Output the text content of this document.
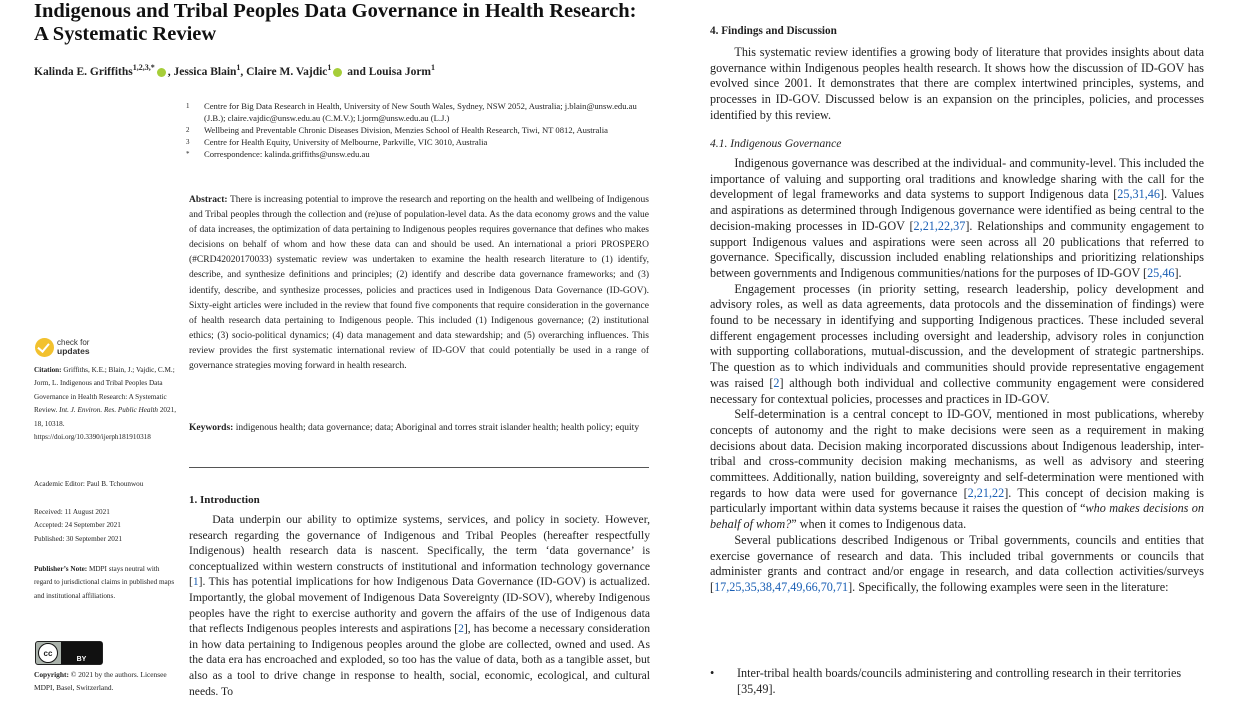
Indigenous and Tribal Peoples Data Governance in Health Research: A Systematic Review
Kalinda E. Griffiths$^{1,2,3,*}$ , Jessica Blain$^1$, Claire M. Vajdic$^1$ and Louisa Jorm$^1$
1	Centre for Big Data Research in Health, University of New South Wales, Sydney, NSW 2052, Australia; j.blain@unsw.edu.au (J.B.); claire.vajdic@unsw.edu.au (C.M.V.); l.jorm@unsw.edu.au (L.J.)
2	Wellbeing and Preventable Chronic Diseases Division, Menzies School of Health Research, Tiwi, NT 0812, Australia
3	Centre for Health Equity, University of Melbourne, Parkville, VIC 3010, Australia
*	Correspondence: kalinda.griffiths@unsw.edu.au
Abstract: There is increasing potential to improve the research and reporting on the health and wellbeing of Indigenous and Tribal peoples through the collection and (re)use of population-level data. As the data economy grows and the value of data increases, the optimization of data pertaining to Indigenous peoples requires governance that defines who makes decisions on behalf of whom and how these data can and should be used. An international a priori PROSPERO (#CRD42020170033) systematic review was undertaken to examine the health research literature to (1) identify, describe, and synthesize definitions and principles; (2) identify and describe data governance frameworks; and (3) identify, describe, and synthesize processes, policies and practices used in Indigenous Data Governance (ID-GOV). Sixty-eight articles were included in the review that found five components that require consideration in the governance of health research data pertaining to Indigenous people. This included (1) Indigenous governance; (2) institutional ethics; (3) socio-political dynamics; (4) data management and data stewardship; and (5) overarching influences. This review provides the first systematic international review of ID-GOV that could potentially be used in a range of governance strategies moving forward in health research.
Keywords: indigenous health; data governance; data; Aboriginal and torres strait islander health; health policy; equity
1. Introduction
  Data underpin our ability to optimize systems, services, and policy in society. However, research regarding the governance of Indigenous and Tribal Peoples (hereafter respectfully Indigenous) health research data is nascent. Specifically, the term ‘data governance’ is conceptualized within western constructs of institutional and information technology governance [1]. This has potential implications for how Indigenous Data Governance (ID-GOV) is actualized. Importantly, the global movement of Indigenous Data Sovereignty (ID-SOV), whereby Indigenous peoples have the right to exercise authority and govern the affairs of the use of Indigenous data that reflects Indigenous peoples interests and aspirations [2], has become a necessary consideration in how data pertaining to Indigenous peoples around the globe are collected, owned and used. As the data era has encroached and exploded, so too has the value of data, both as a tangible asset, but also as a tool to drive change in response to health, social, economic, ecological, and cultural needs. To
check for
updates
Citation: Griffiths, K.E.; Blain, J.; Vajdic, C.M.; Jorm, L. Indigenous and Tribal Peoples Data Governance in Health Research: A Systematic Review. Int. J. Environ. Res. Public Health 2021, 18, 10318. https://doi.org/10.3390/ijerph181910318
Academic Editor: Paul B. Tchounwou
Received: 11 August 2021
Accepted: 24 September 2021
Published: 30 September 2021
Publisher’s Note: MDPI stays neutral with regard to jurisdictional claims in published maps and institutional affiliations.
cc
BY
Copyright: © 2021 by the authors. Licensee MDPI, Basel, Switzerland.
4. Findings and Discussion
  This systematic review identifies a growing body of literature that provides insights about data governance within Indigenous peoples health research. It shows how the discussion of ID-GOV has evolved since 2001. It demonstrates that there are complex intertwined principles, systems, and processes in ID-GOV. Discussed below is an expansion on the principles, policies, and processes identified by this review.
4.1. Indigenous Governance
  Indigenous governance was described at the individual- and community-level. This included the importance of valuing and supporting oral traditions and knowledge sharing with the call for the development of legal frameworks and data systems to support Indigenous data [25,31,46]. Values and aspirations as determined through Indigenous governance were identified as being central to the decision-making processes in ID-GOV [2,21,22,37]. Relationships and community engagement to support Indigenous values and aspirations were seen across all 20 publications that referred to governance. Specifically, discussion included enabling relationships and prioritizing relationships between governments and Indigenous communities/nations for the purposes of ID-GOV [25,46].
  Engagement processes (in priority setting, research leadership, policy development and advisory roles, as well as data agreements, data protocols and the dissemination of findings) were found to be necessary in identifying and supporting Indigenous practices. These included several different engagement processes including oversight and leadership, advisory roles in conjunction with supporting collaborations, mutual-discussion, and the development of strategic partnerships. The question as to which individuals and communities should provide representative engagement was raised [2] although both individual and collective community engagement were considered necessary for contextual policies, processes and practices in ID-GOV.
  Self-determination is a central concept to ID-GOV, mentioned in most publications, whereby concepts of autonomy and the right to make decisions were seen as a requirement in making decisions about data. Decision making incorporated discussions about Indigenous leadership, inter-tribal and cross-community decision making mechanisms, as well as advisory and steering committees. Additionally, nation building, sovereignty and self-determination were mentioned with regards to how data were used for governance [2,21,22]. This concept of decision making is particularly important within data systems because it raises the question of “who makes decisions on behalf of whom?” when it comes to Indigenous data.
  Several publications described Indigenous or Tribal governments, councils and entities that exercise governance of research and data. This included tribal governments or councils that administer grants and contract and/or engage in research, and data collection activities/surveys [17,25,35,38,47,49,66,70,71]. Specifically, the following examples were seen in the literature:
•	Inter-tribal health boards/councils administering and controlling research in their territories [35,49].
